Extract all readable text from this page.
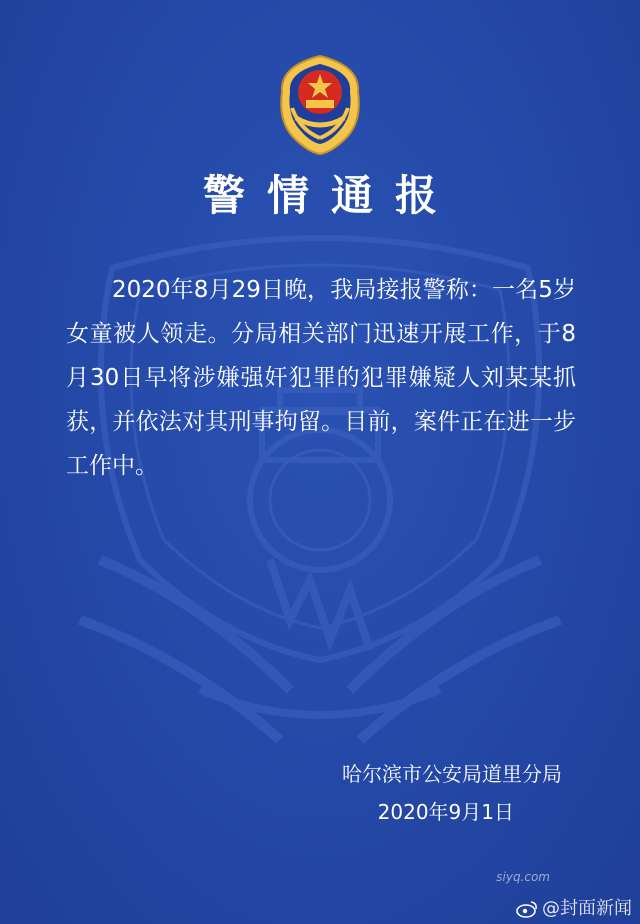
警情通报

2020年8月29日晚，我局接报警称：一名5岁女童被人领走。分局相关部门迅速开展工作，于8月30日早将涉嫌强奸犯罪的犯罪嫌疑人刘某某抓获，并依法对其刑事拘留。目前，案件正在进一步工作中。

哈尔滨市公安局道里分局
2020年9月1日
siyq.com
@封面新闻
